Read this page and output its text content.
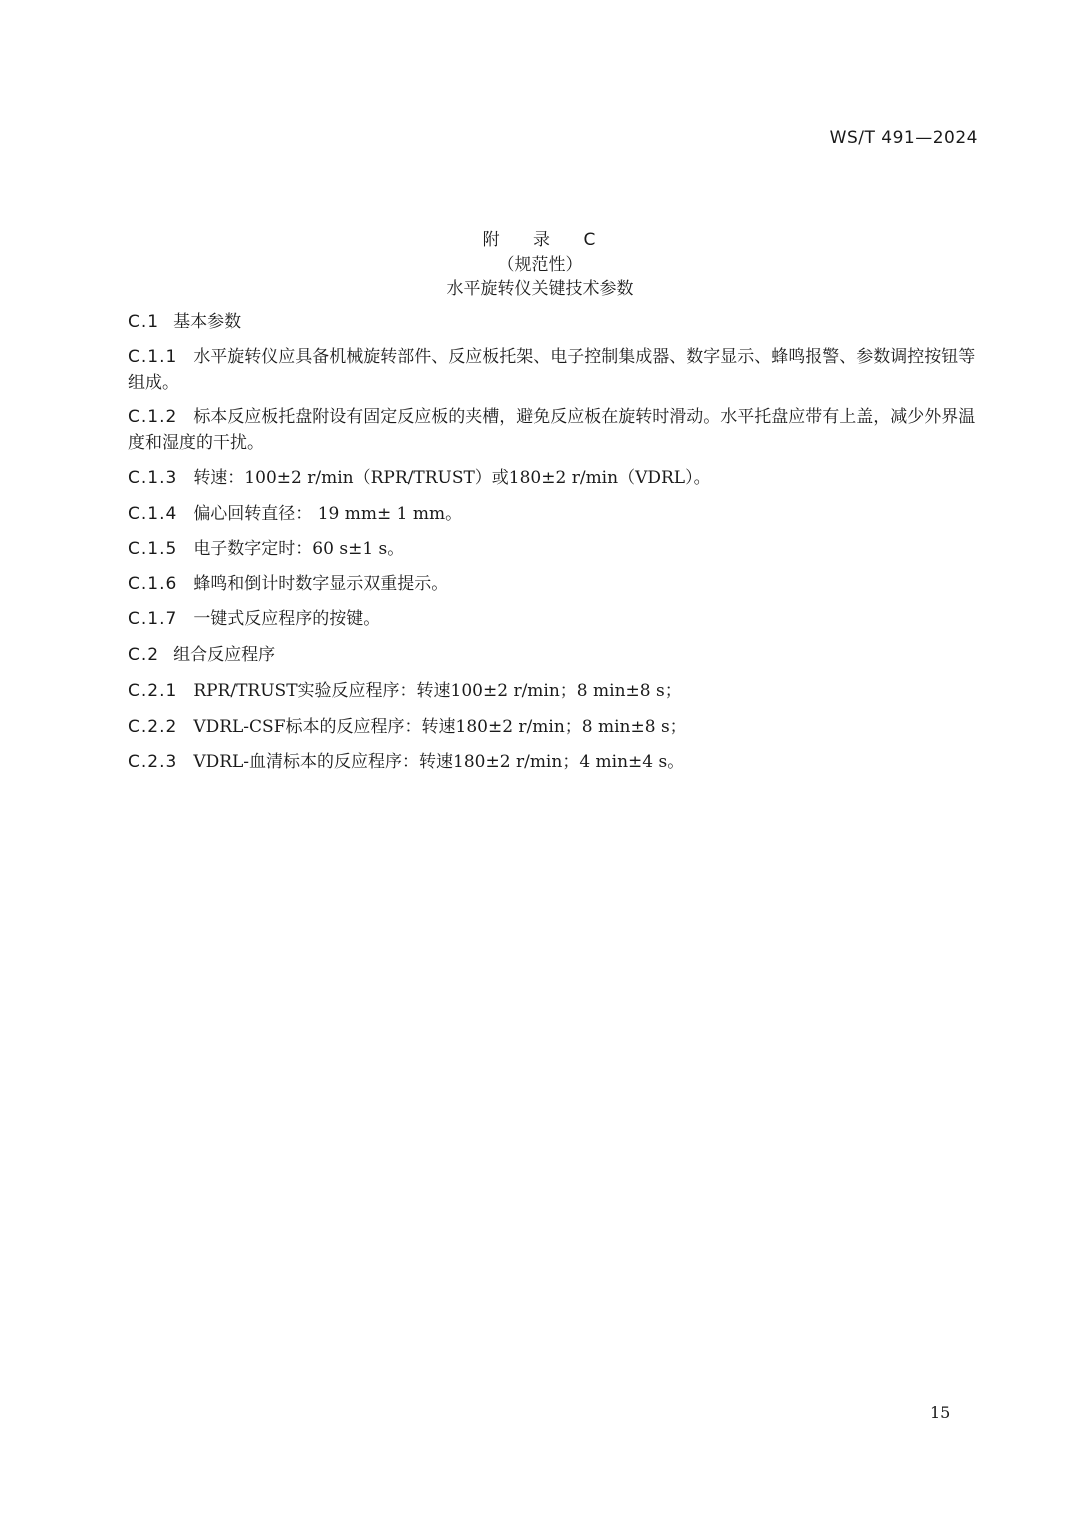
WS/T 491—2024
附 录 C
（规范性）
水平旋转仪关键技术参数
C.1 基本参数
C.1.1 水平旋转仪应具备机械旋转部件、反应板托架、电子控制集成器、数字显示、蜂鸣报警、参数调控按钮等组成。
C.1.2 标本反应板托盘附设有固定反应板的夹槽，避免反应板在旋转时滑动。水平托盘应带有上盖，减少外界温度和湿度的干扰。
C.1.3 转速：100±2 r/min（RPR/TRUST）或180±2 r/min（VDRL）。
C.1.4 偏心回转直径： 19 mm± 1 mm。
C.1.5 电子数字定时：60 s±1 s。
C.1.6 蜂鸣和倒计时数字显示双重提示。
C.1.7 一键式反应程序的按键。
C.2 组合反应程序
C.2.1 RPR/TRUST实验反应程序：转速100±2 r/min；8 min±8 s；
C.2.2 VDRL-CSF标本的反应程序：转速180±2 r/min；8 min±8 s；
C.2.3 VDRL-血清标本的反应程序：转速180±2 r/min；4 min±4 s。
15
